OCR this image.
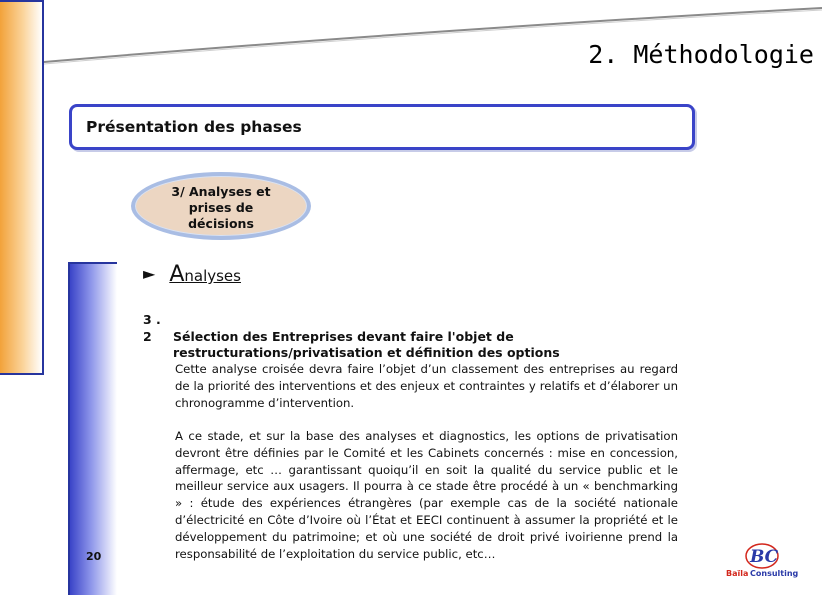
2. Méthodologie
Présentation des phases
3/ Analyses et prises de décisions
► Analyses
3 . 2 Sélection des Entreprises devant faire l'objet de restructurations/privatisation et définition des options
Cette analyse croisée devra faire l’objet d’un classement des entreprises au regard de la priorité des interventions et des enjeux et contraintes y relatifs et d’élaborer un chronogramme d’intervention.
A ce stade, et sur la base des analyses et diagnostics, les options de privatisation devront être définies par le Comité et les Cabinets concernés : mise en concession, affermage, etc … garantissant quoiqu’il en soit la qualité du service public et le meilleur service aux usagers. Il pourra à ce stade être procédé à un « benchmarking » : étude des expériences étrangères (par exemple cas de la société nationale d’électricité en Côte d’Ivoire où l’État et EECI continuent à assumer la propriété et le développement du patrimoine; et où une société de droit privé ivoirienne prend la responsabilité de l’exploitation du service public, etc…
20	BC
Baïla Consulting
